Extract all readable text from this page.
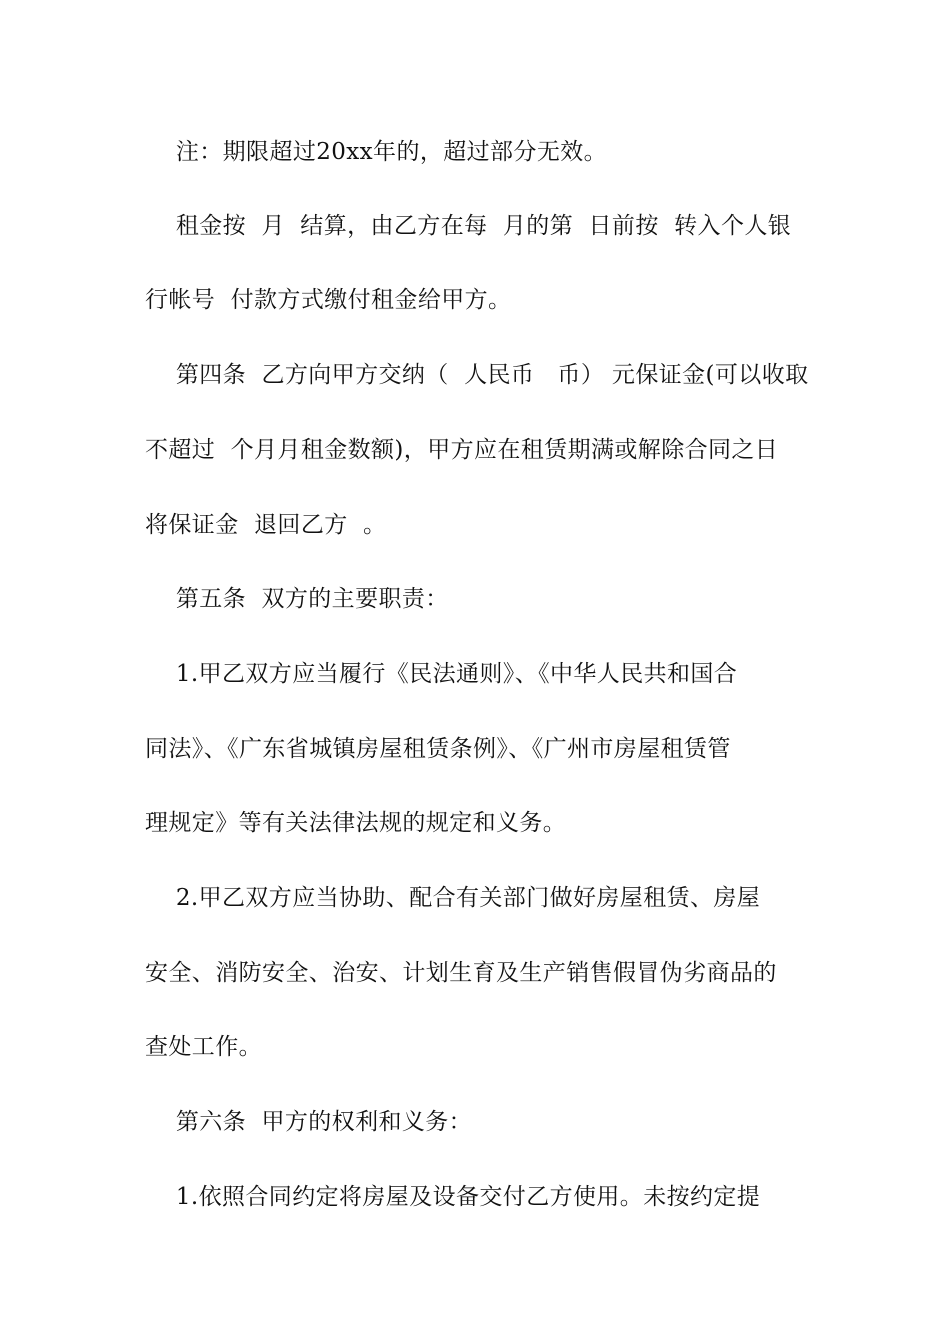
注：期限超过20xx年的，超过部分无效。
租金按  月  结算，由乙方在每  月的第  日前按  转入个人银
行帐号  付款方式缴付租金给甲方。
第四条  乙方向甲方交纳（  人民币   币） 元保证金(可以收取
不超过  个月月租金数额)，甲方应在租赁期满或解除合同之日
将保证金  退回乙方  。
第五条  双方的主要职责：
1.甲乙双方应当履行《民法通则》、《中华人民共和国合
同法》、《广东省城镇房屋租赁条例》、《广州市房屋租赁管
理规定》等有关法律法规的规定和义务。
2.甲乙双方应当协助、配合有关部门做好房屋租赁、房屋
安全、消防安全、治安、计划生育及生产销售假冒伪劣商品的
查处工作。
第六条  甲方的权利和义务：
1.依照合同约定将房屋及设备交付乙方使用。未按约定提
